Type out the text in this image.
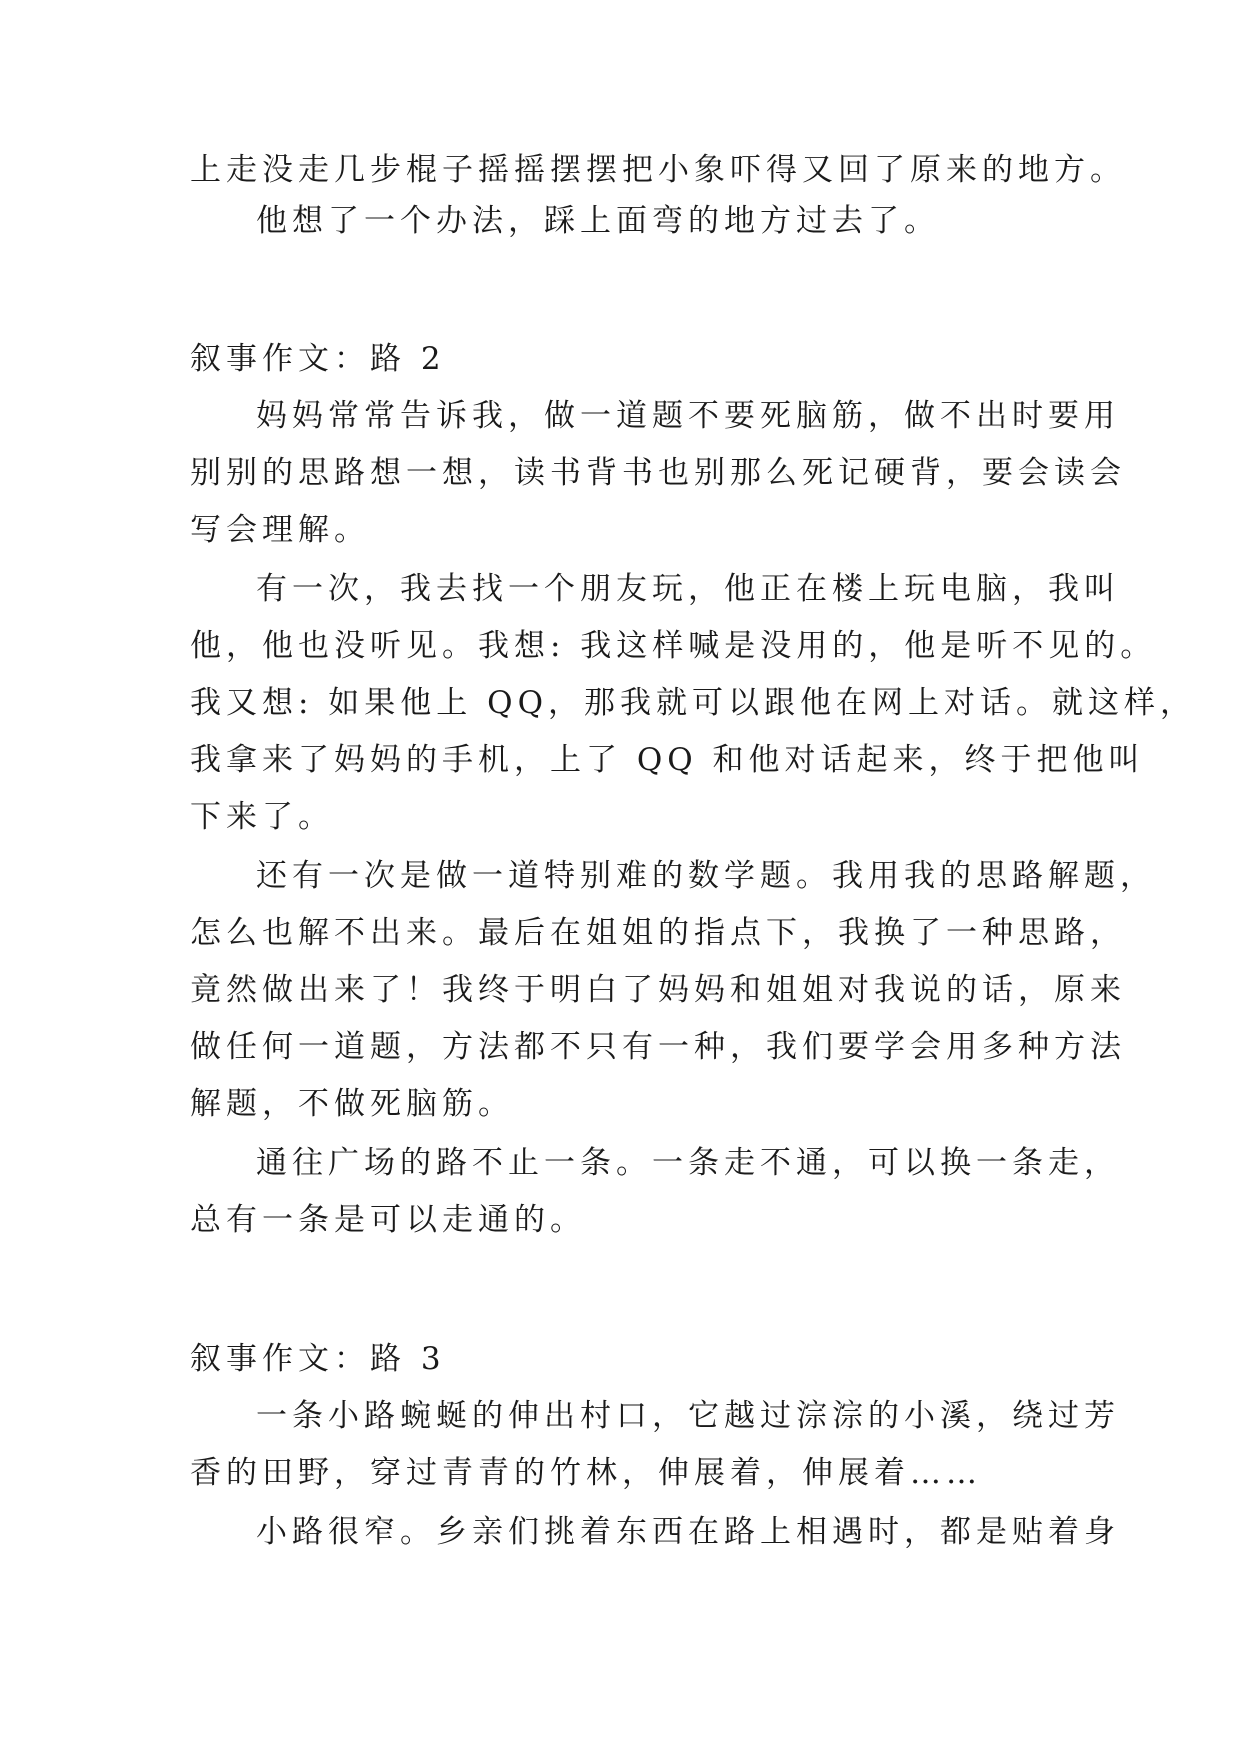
上走没走几步棍子摇摇摆摆把小象吓得又回了原来的地方。
他想了一个办法，踩上面弯的地方过去了。
叙事作文：路 2
妈妈常常告诉我，做一道题不要死脑筋，做不出时要用
别别的思路想一想，读书背书也别那么死记硬背，要会读会
写会理解。
有一次，我去找一个朋友玩，他正在楼上玩电脑，我叫
他，他也没听见。我想: 我这样喊是没用的，他是听不见的。
我又想: 如果他上 QQ，那我就可以跟他在网上对话。就这样，
我拿来了妈妈的手机，上了 QQ 和他对话起来，终于把他叫
下来了。
还有一次是做一道特别难的数学题。我用我的思路解题，
怎么也解不出来。最后在姐姐的指点下，我换了一种思路，
竟然做出来了！我终于明白了妈妈和姐姐对我说的话，原来
做任何一道题，方法都不只有一种，我们要学会用多种方法
解题，不做死脑筋。
通往广场的路不止一条。一条走不通，可以换一条走，
总有一条是可以走通的。
叙事作文：路 3
一条小路蜿蜒的伸出村口，它越过淙淙的小溪，绕过芳
香的田野，穿过青青的竹林，伸展着，伸展着……
小路很窄。乡亲们挑着东西在路上相遇时，都是贴着身
